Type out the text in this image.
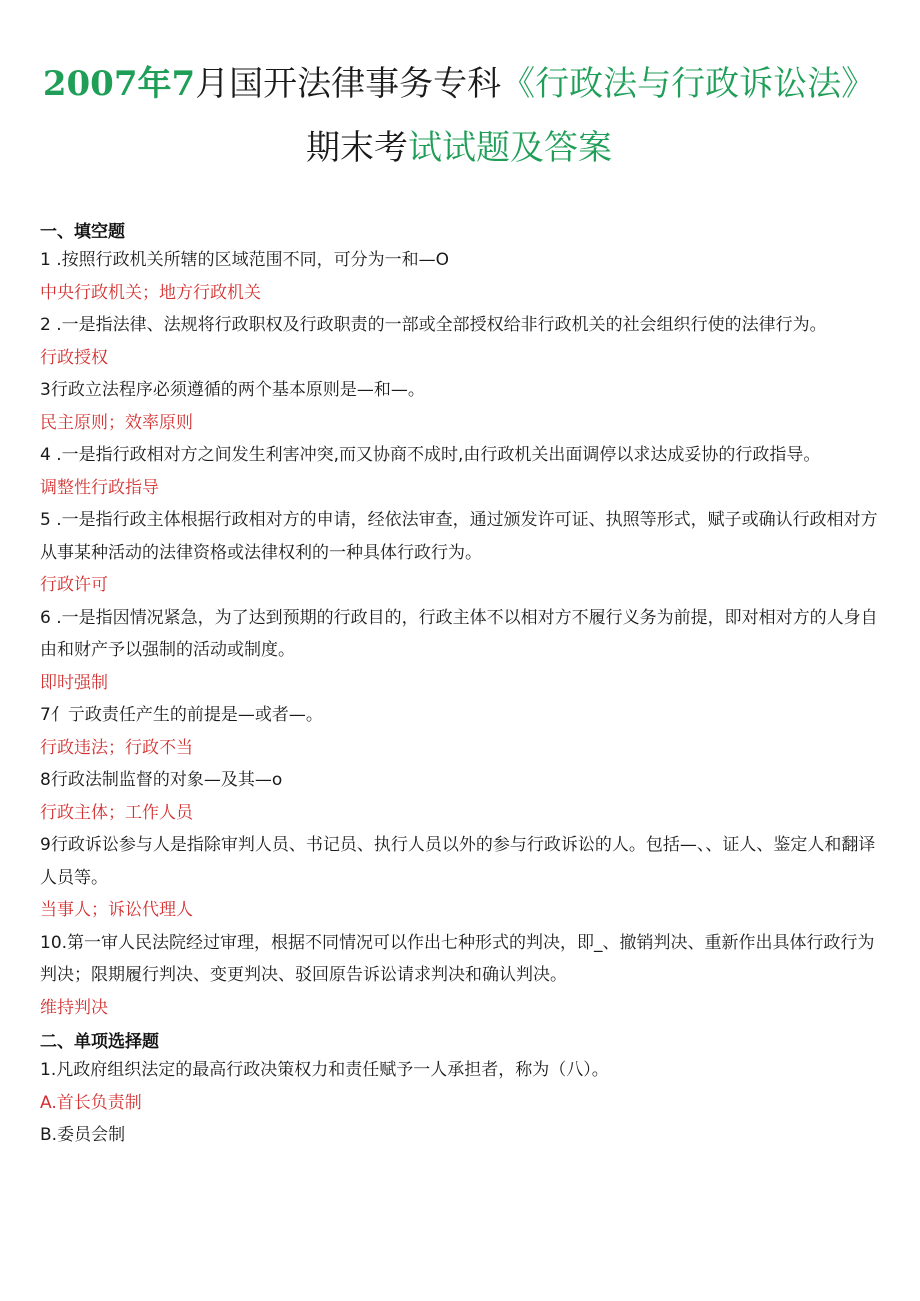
2007年7月国开法律事务专科《行政法与行政诉讼法》
期末考试试题及答案

一、填空题

1 .按照行政机关所辖的区域范围不同，可分为一和—O

中央行政机关；地方行政机关

2 .一是指法律、法规将行政职权及行政职责的一部或全部授权给非行政机关的社会组织行使的法律行为。

行政授权

3行政立法程序必须遵循的两个基本原则是—和—。

民主原则；效率原则

4 .一是指行政相对方之间发生利害冲突,而又协商不成时,由行政机关出面调停以求达成妥协的行政指导。

调整性行政指导

5 .一是指行政主体根据行政相对方的申请，经依法审查，通过颁发许可证、执照等形式，赋子或确认行政相对方从事某种活动的法律资格或法律权利的一种具体行政行为。

行政许可

6 .一是指因情况紧急，为了达到预期的行政目的，行政主体不以相对方不履行义务为前提，即对相对方的人身自由和财产予以强制的活动或制度。

即时强制

7亻亍政责任产生的前提是—或者—。

行政违法；行政不当

8行政法制监督的对象—及其—o

行政主体；工作人员

9行政诉讼参与人是指除审判人员、书记员、执行人员以外的参与行政诉讼的人。包括—、、证人、鉴定人和翻译人员等。

当事人；诉讼代理人

10.第一审人民法院经过审理，根据不同情况可以作出七种形式的判决，即_、撤销判决、重新作出具体行政行为判决；限期履行判决、变更判决、驳回原告诉讼请求判决和确认判决。

维持判决

二、单项选择题

1.凡政府组织法定的最高行政决策权力和责任赋予一人承担者，称为（八）。

A.首长负责制

B.委员会制
